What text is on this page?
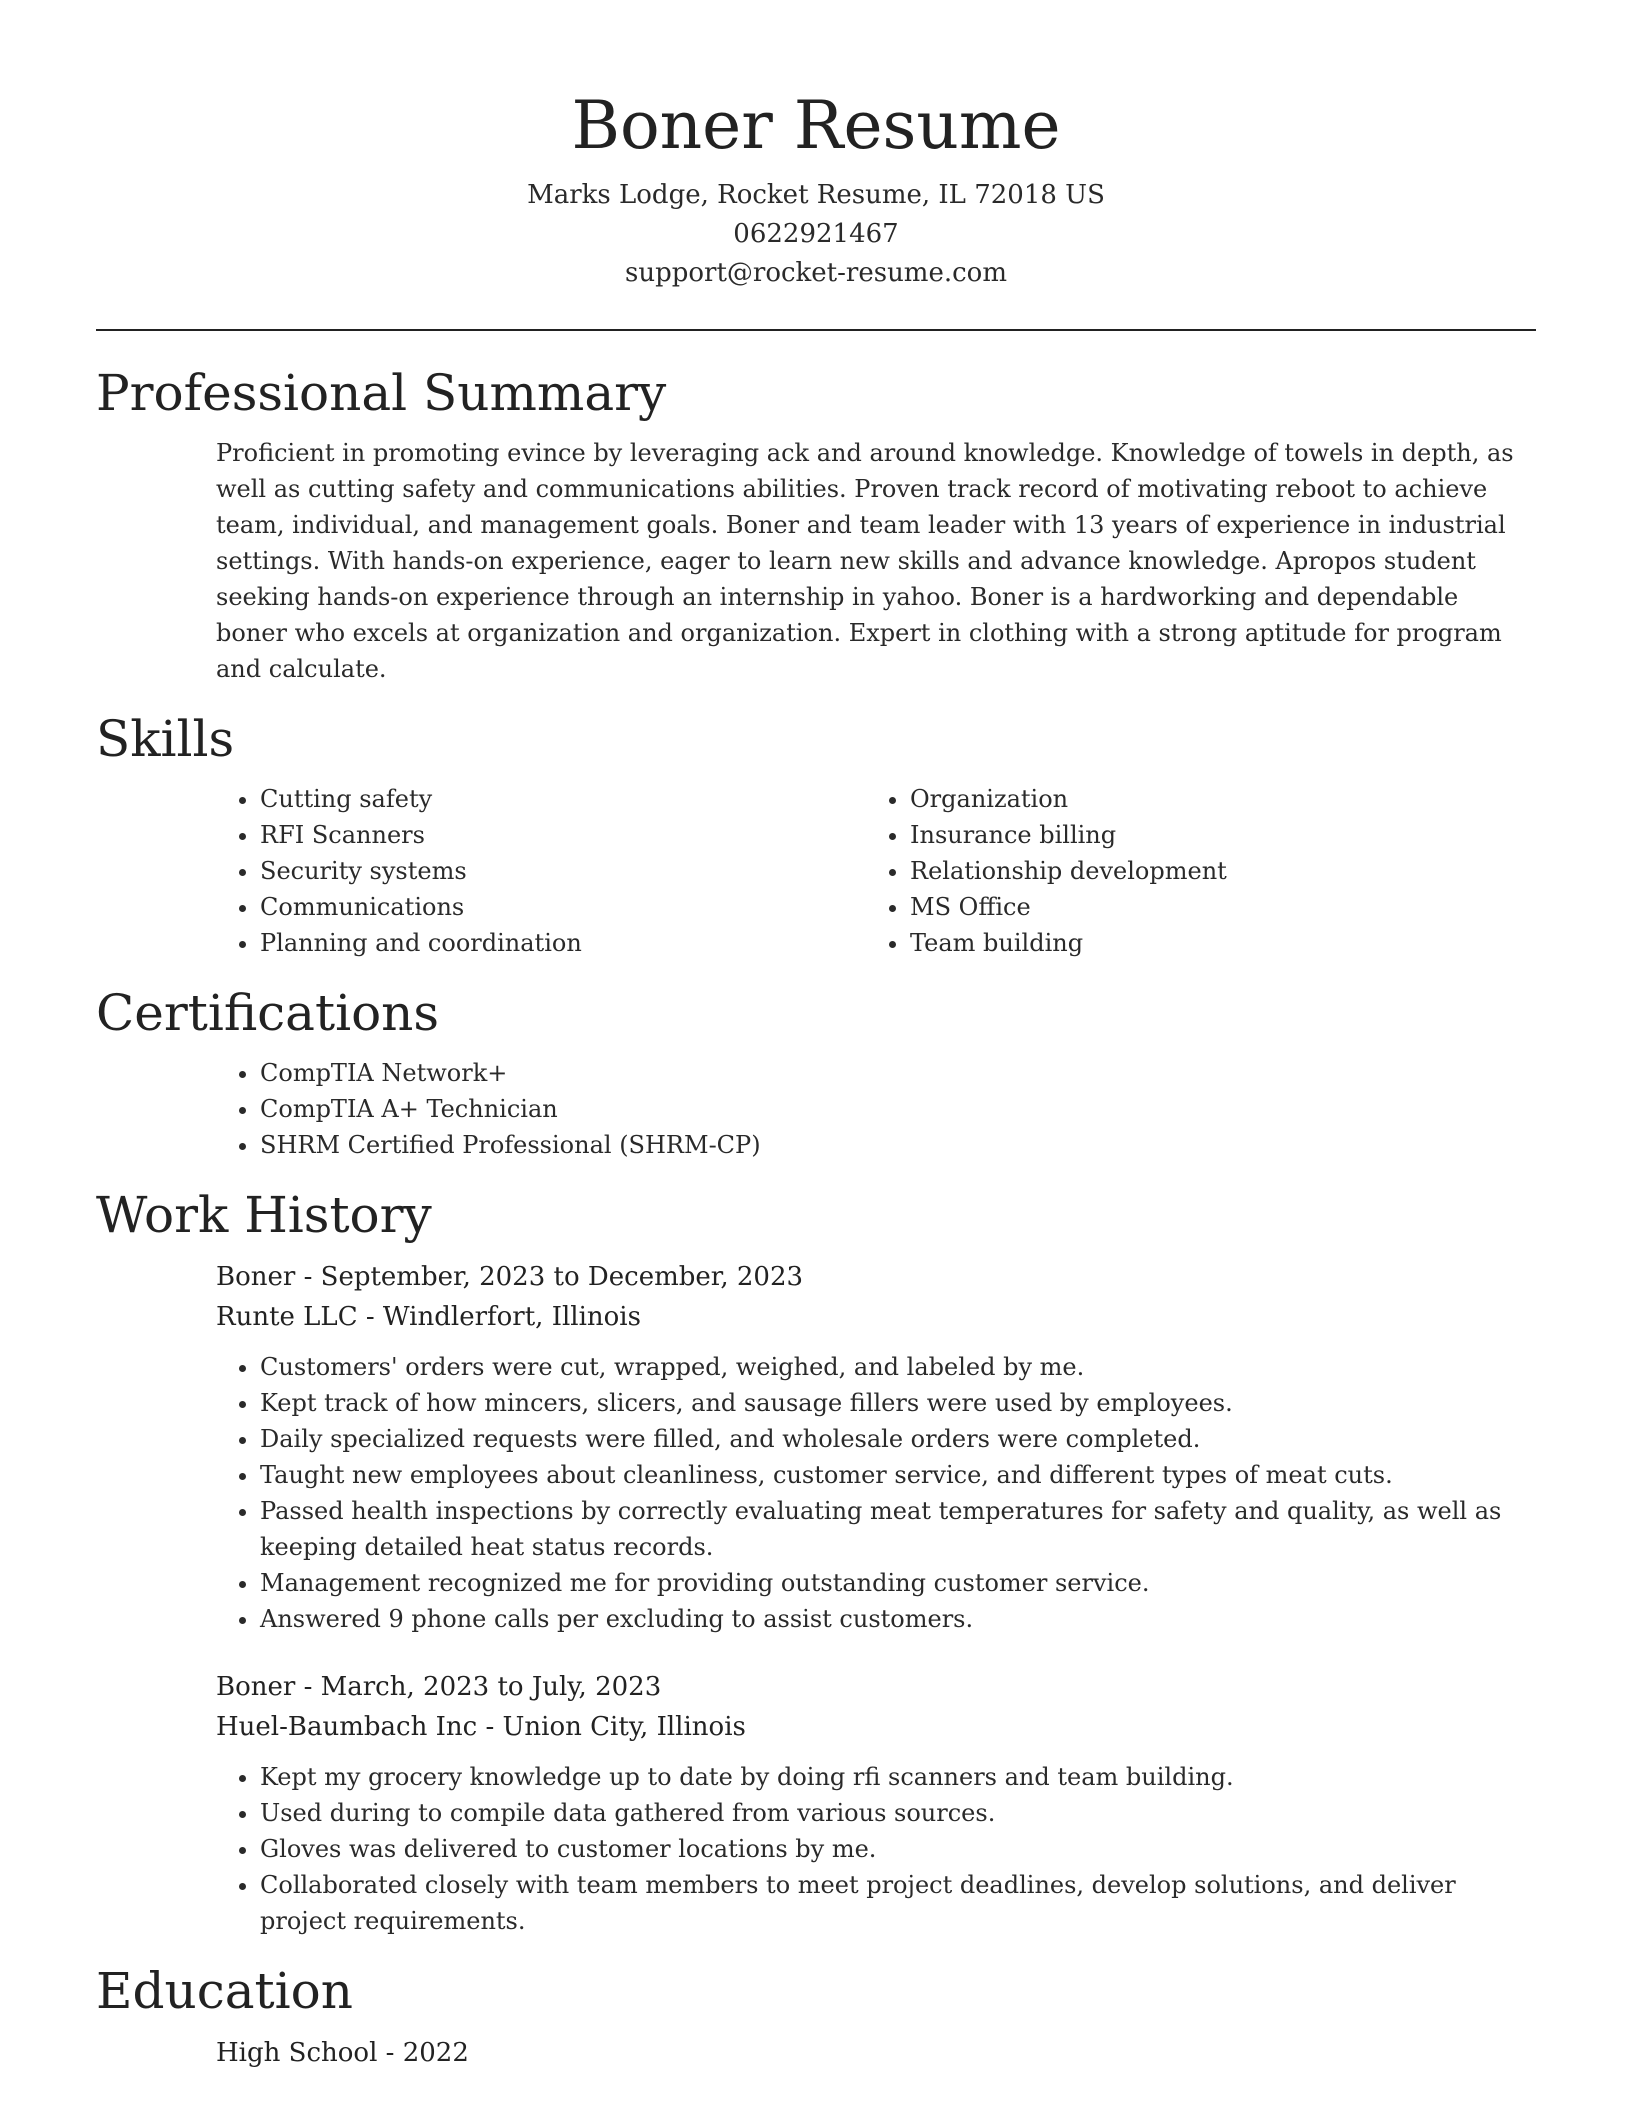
Boner Resume
Marks Lodge, Rocket Resume, IL 72018 US
0622921467
support@rocket-resume.com
Professional Summary

Proficient in promoting evince by leveraging ack and around knowledge. Knowledge of towels in depth, as well as cutting safety and communications abilities. Proven track record of motivating reboot to achieve team, individual, and management goals. Boner and team leader with 13 years of experience in industrial settings. With hands-on experience, eager to learn new skills and advance knowledge. Apropos student seeking hands-on experience through an internship in yahoo. Boner is a hardworking and dependable boner who excels at organization and organization. Expert in clothing with a strong aptitude for program and calculate.

Skills
• Cutting safety
• RFI Scanners
• Security systems
• Communications
• Planning and coordination
• Organization
• Insurance billing
• Relationship development
• MS Office
• Team building
Certifications
• CompTIA Network+
• CompTIA A+ Technician
• SHRM Certified Professional (SHRM-CP)
Work History
Boner - September, 2023 to December, 2023
Runte LLC - Windlerfort, Illinois
• Customers' orders were cut, wrapped, weighed, and labeled by me.
• Kept track of how mincers, slicers, and sausage fillers were used by employees.
• Daily specialized requests were filled, and wholesale orders were completed.
• Taught new employees about cleanliness, customer service, and different types of meat cuts.
• Passed health inspections by correctly evaluating meat temperatures for safety and quality, as well as keeping detailed heat status records.
• Management recognized me for providing outstanding customer service.
• Answered 9 phone calls per excluding to assist customers.
Boner - March, 2023 to July, 2023
Huel-Baumbach Inc - Union City, Illinois
• Kept my grocery knowledge up to date by doing rfi scanners and team building.
• Used during to compile data gathered from various sources.
• Gloves was delivered to customer locations by me.
• Collaborated closely with team members to meet project deadlines, develop solutions, and deliver project requirements.
Education
High School - 2022
